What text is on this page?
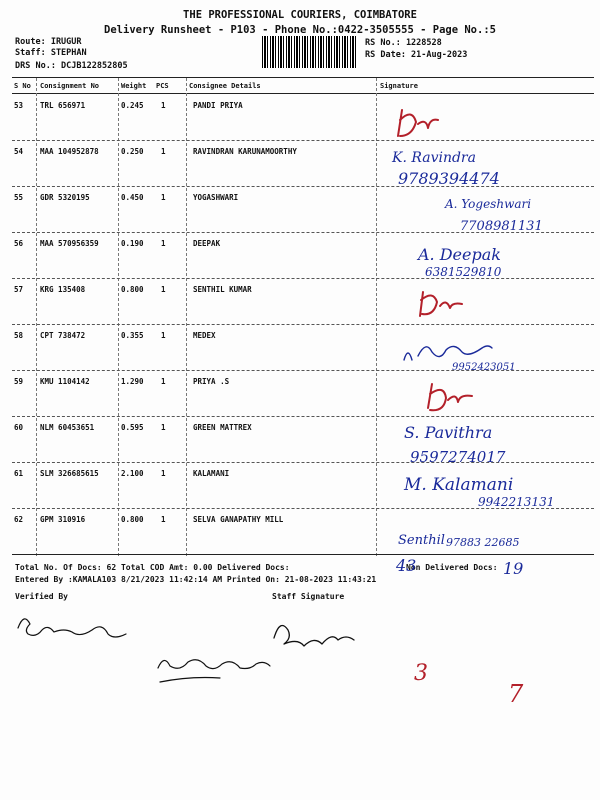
THE PROFESSIONAL COURIERS, COIMBATORE
Delivery Runsheet - P103 - Phone No.:0422-3505555 - Page No.:5
Route: IRUGUR
Staff: STEPHAN
DRS No.: DCJB122852805
RS No.: 1228528
RS Date: 21-Aug-2023
S No Consignment No	Weight PCS	Consignee Details	Signature
53 TRL 656971	0.245 1	PANDI PRIYA
54 MAA 104952878	0.250 1	RAVINDRAN KARUNAMOORTHY
55 GDR 5320195	0.450 1	YOGASHWARI
56 MAA 570956359	0.190 1	DEEPAK
57 KRG 135408	0.800 1	SENTHIL KUMAR
58 CPT 738472	0.355 1	MEDEX
59 KMU 1104142	1.290 1	PRIYA .S
60 NLM 60453651	0.595 1	GREEN MATTREX
61 SLM 326685615	2.100 1	KALAMANI
62 GPM 310916	0.800 1	SELVA GANAPATHY MILL
Total No. Of Docs: 62 Total COD Amt: 0.00 Delivered Docs:	Non Delivered Docs:
Entered By :KAMALA103 8/21/2023 11:42:14 AM Printed On: 21-08-2023 11:43:21
Verified By	Staff Signature
K. Ravindra
9789394474
A. Yogeshwari
7708981131
A. Deepak
6381529810
9952423051
S. Pavithra
9597274017
M. Kalamani
9942213131
Senthil 97883 22685
43	19
3
7
